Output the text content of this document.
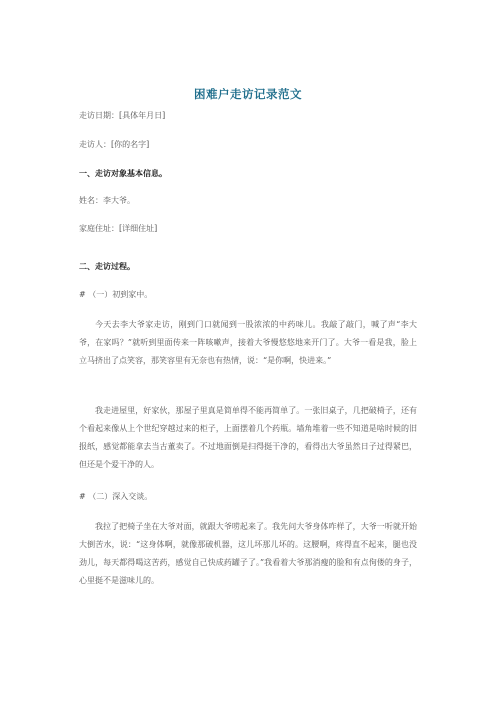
困难户走访记录范文
走访日期：[具体年月日]
走访人：[你的名字]
一、走访对象基本信息。
姓名：李大爷。
家庭住址：[详细住址]
二、走访过程。
# （一）初到家中。
今天去李大爷家走访，刚到门口就闻到一股浓浓的中药味儿。我敲了敲门，喊了声“李大爷，在家吗？”就听到里面传来一阵咳嗽声，接着大爷慢悠悠地来开门了。大爷一看是我，脸上立马挤出了点笑容，那笑容里有无奈也有热情，说：“是你啊，快进来。”
我走进屋里，好家伙，那屋子里真是简单得不能再简单了。一张旧桌子，几把破椅子，还有个看起来像从上个世纪穿越过来的柜子，上面摆着几个药瓶。墙角堆着一些不知道是啥时候的旧报纸，感觉都能拿去当古董卖了。不过地面倒是扫得挺干净的，看得出大爷虽然日子过得紧巴，但还是个爱干净的人。
# （二）深入交谈。
我拉了把椅子坐在大爷对面，就跟大爷唠起来了。我先问大爷身体咋样了，大爷一听就开始大倒苦水，说：“这身体啊，就像那破机器，这儿坏那儿坏的。这腰啊，疼得直不起来，腿也没劲儿，每天都得喝这苦药，感觉自己快成药罐子了。”我看着大爷那消瘦的脸和有点佝偻的身子，心里挺不是滋味儿的。
